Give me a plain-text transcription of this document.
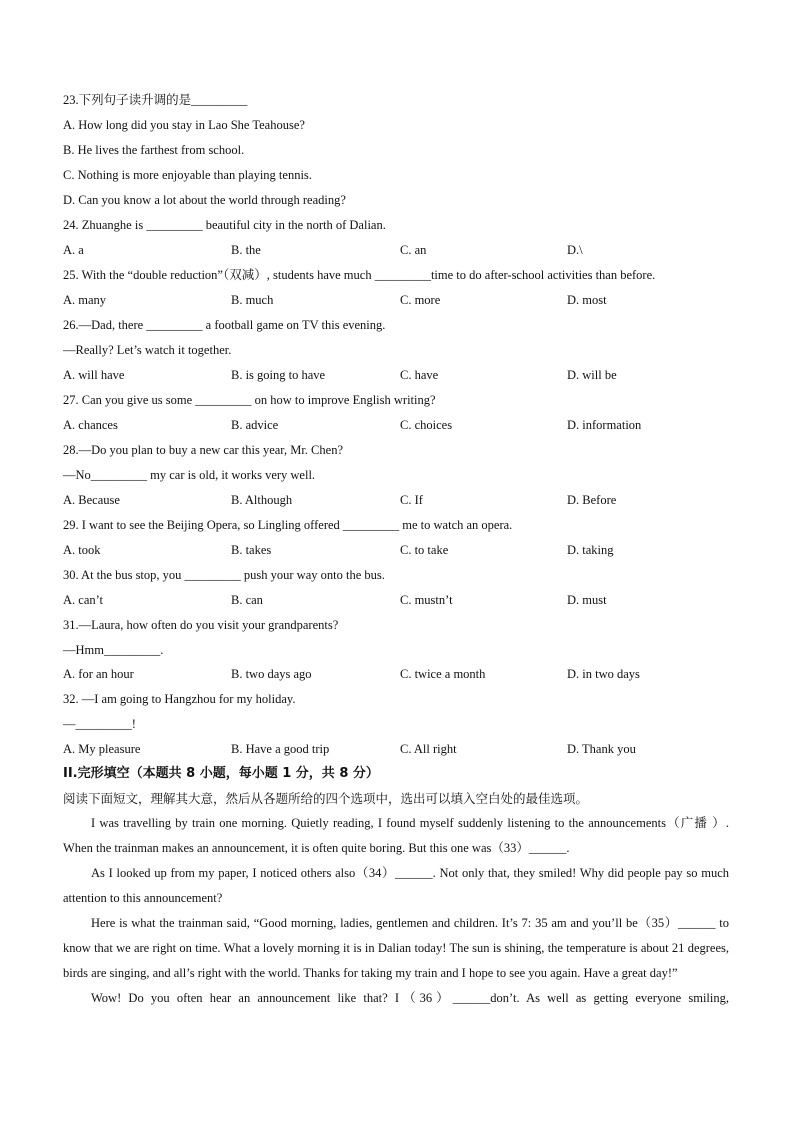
23.下列句子读升调的是_________
A. How long did you stay in Lao She Teahouse?
B. He lives the farthest from school.
C. Nothing is more enjoyable than playing tennis.
D. Can you know a lot about the world through reading?
24. Zhuanghe is _________ beautiful city in the north of Dalian.
A. a	B. the	C. an	D.\
25. With the “double reduction”（双减）, students have much _________time to do after-school activities than before.
A. many	B. much	C. more	D. most
26.—Dad, there _________ a football game on TV this evening.
—Really? Let’s watch it together.
A. will have	B. is going to have	C. have	D. will be
27. Can you give us some _________ on how to improve English writing?
A. chances	B. advice	C. choices	D. information
28.—Do you plan to buy a new car this year, Mr. Chen?
—No_________ my car is old, it works very well.
A. Because	B. Although	C. If	D. Before
29. I want to see the Beijing Opera, so Lingling offered _________ me to watch an opera.
A. took	B. takes	C. to take	D. taking
30. At the bus stop, you _________ push your way onto the bus.
A. can’t	B. can	C. mustn’t	D. must
31.—Laura, how often do you visit your grandparents?
—Hmm_________.
A. for an hour	B. two days ago	C. twice a month	D. in two days
32. —I am going to Hangzhou for my holiday.
—_________!
A. My pleasure	B. Have a good trip	C. All right	D. Thank you
II.完形填空（本题共 8 小题，每小题 1 分，共 8 分）
阅读下面短文，理解其大意，然后从各题所给的四个选项中，选出可以填入空白处的最佳选项。

I was travelling by train one morning. Quietly reading, I found myself suddenly listening to the announcements（广播 ）. When the trainman makes an announcement, it is often quite boring. But this one was（33）______.

As I looked up from my paper, I noticed others also（34）______. Not only that, they smiled! Why did people pay so much attention to this announcement?

Here is what the trainman said, “Good morning, ladies, gentlemen and children. It’s 7: 35 am and you’ll be（35）______ to know that we are right on time. What a lovely morning it is in Dalian today! The sun is shining, the temperature is about 21 degrees, birds are singing, and all’s right with the world. Thanks for taking my train and I hope to see you again. Have a great day!”

Wow! Do you often hear an announcement like that? I（36）______don’t. As well as getting everyone smiling,
